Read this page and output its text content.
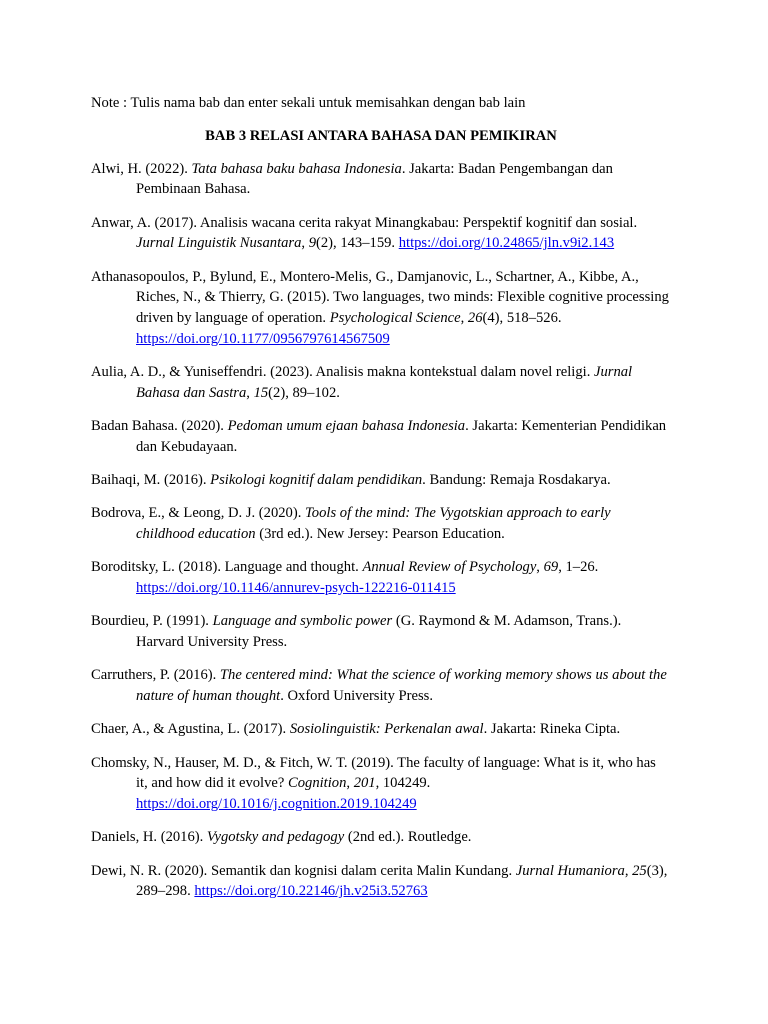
Note : Tulis nama bab dan enter sekali untuk memisahkan dengan bab lain

BAB 3 RELASI ANTARA BAHASA DAN PEMIKIRAN

Alwi, H. (2022). Tata bahasa baku bahasa Indonesia. Jakarta: Badan Pengembangan dan Pembinaan Bahasa.

Anwar, A. (2017). Analisis wacana cerita rakyat Minangkabau: Perspektif kognitif dan sosial. Jurnal Linguistik Nusantara, 9(2), 143–159. https://doi.org/10.24865/jln.v9i2.143

Athanasopoulos, P., Bylund, E., Montero-Melis, G., Damjanovic, L., Schartner, A., Kibbe, A., Riches, N., & Thierry, G. (2015). Two languages, two minds: Flexible cognitive processing driven by language of operation. Psychological Science, 26(4), 518–526. https://doi.org/10.1177/0956797614567509

Aulia, A. D., & Yuniseffendri. (2023). Analisis makna kontekstual dalam novel religi. Jurnal Bahasa dan Sastra, 15(2), 89–102.

Badan Bahasa. (2020). Pedoman umum ejaan bahasa Indonesia. Jakarta: Kementerian Pendidikan dan Kebudayaan.

Baihaqi, M. (2016). Psikologi kognitif dalam pendidikan. Bandung: Remaja Rosdakarya.

Bodrova, E., & Leong, D. J. (2020). Tools of the mind: The Vygotskian approach to early childhood education (3rd ed.). New Jersey: Pearson Education.

Boroditsky, L. (2018). Language and thought. Annual Review of Psychology, 69, 1–26. https://doi.org/10.1146/annurev-psych-122216-011415

Bourdieu, P. (1991). Language and symbolic power (G. Raymond & M. Adamson, Trans.). Harvard University Press.

Carruthers, P. (2016). The centered mind: What the science of working memory shows us about the nature of human thought. Oxford University Press.

Chaer, A., & Agustina, L. (2017). Sosiolinguistik: Perkenalan awal. Jakarta: Rineka Cipta.

Chomsky, N., Hauser, M. D., & Fitch, W. T. (2019). The faculty of language: What is it, who has it, and how did it evolve? Cognition, 201, 104249. https://doi.org/10.1016/j.cognition.2019.104249

Daniels, H. (2016). Vygotsky and pedagogy (2nd ed.). Routledge.

Dewi, N. R. (2020). Semantik dan kognisi dalam cerita Malin Kundang. Jurnal Humaniora, 25(3), 289–298. https://doi.org/10.22146/jh.v25i3.52763
